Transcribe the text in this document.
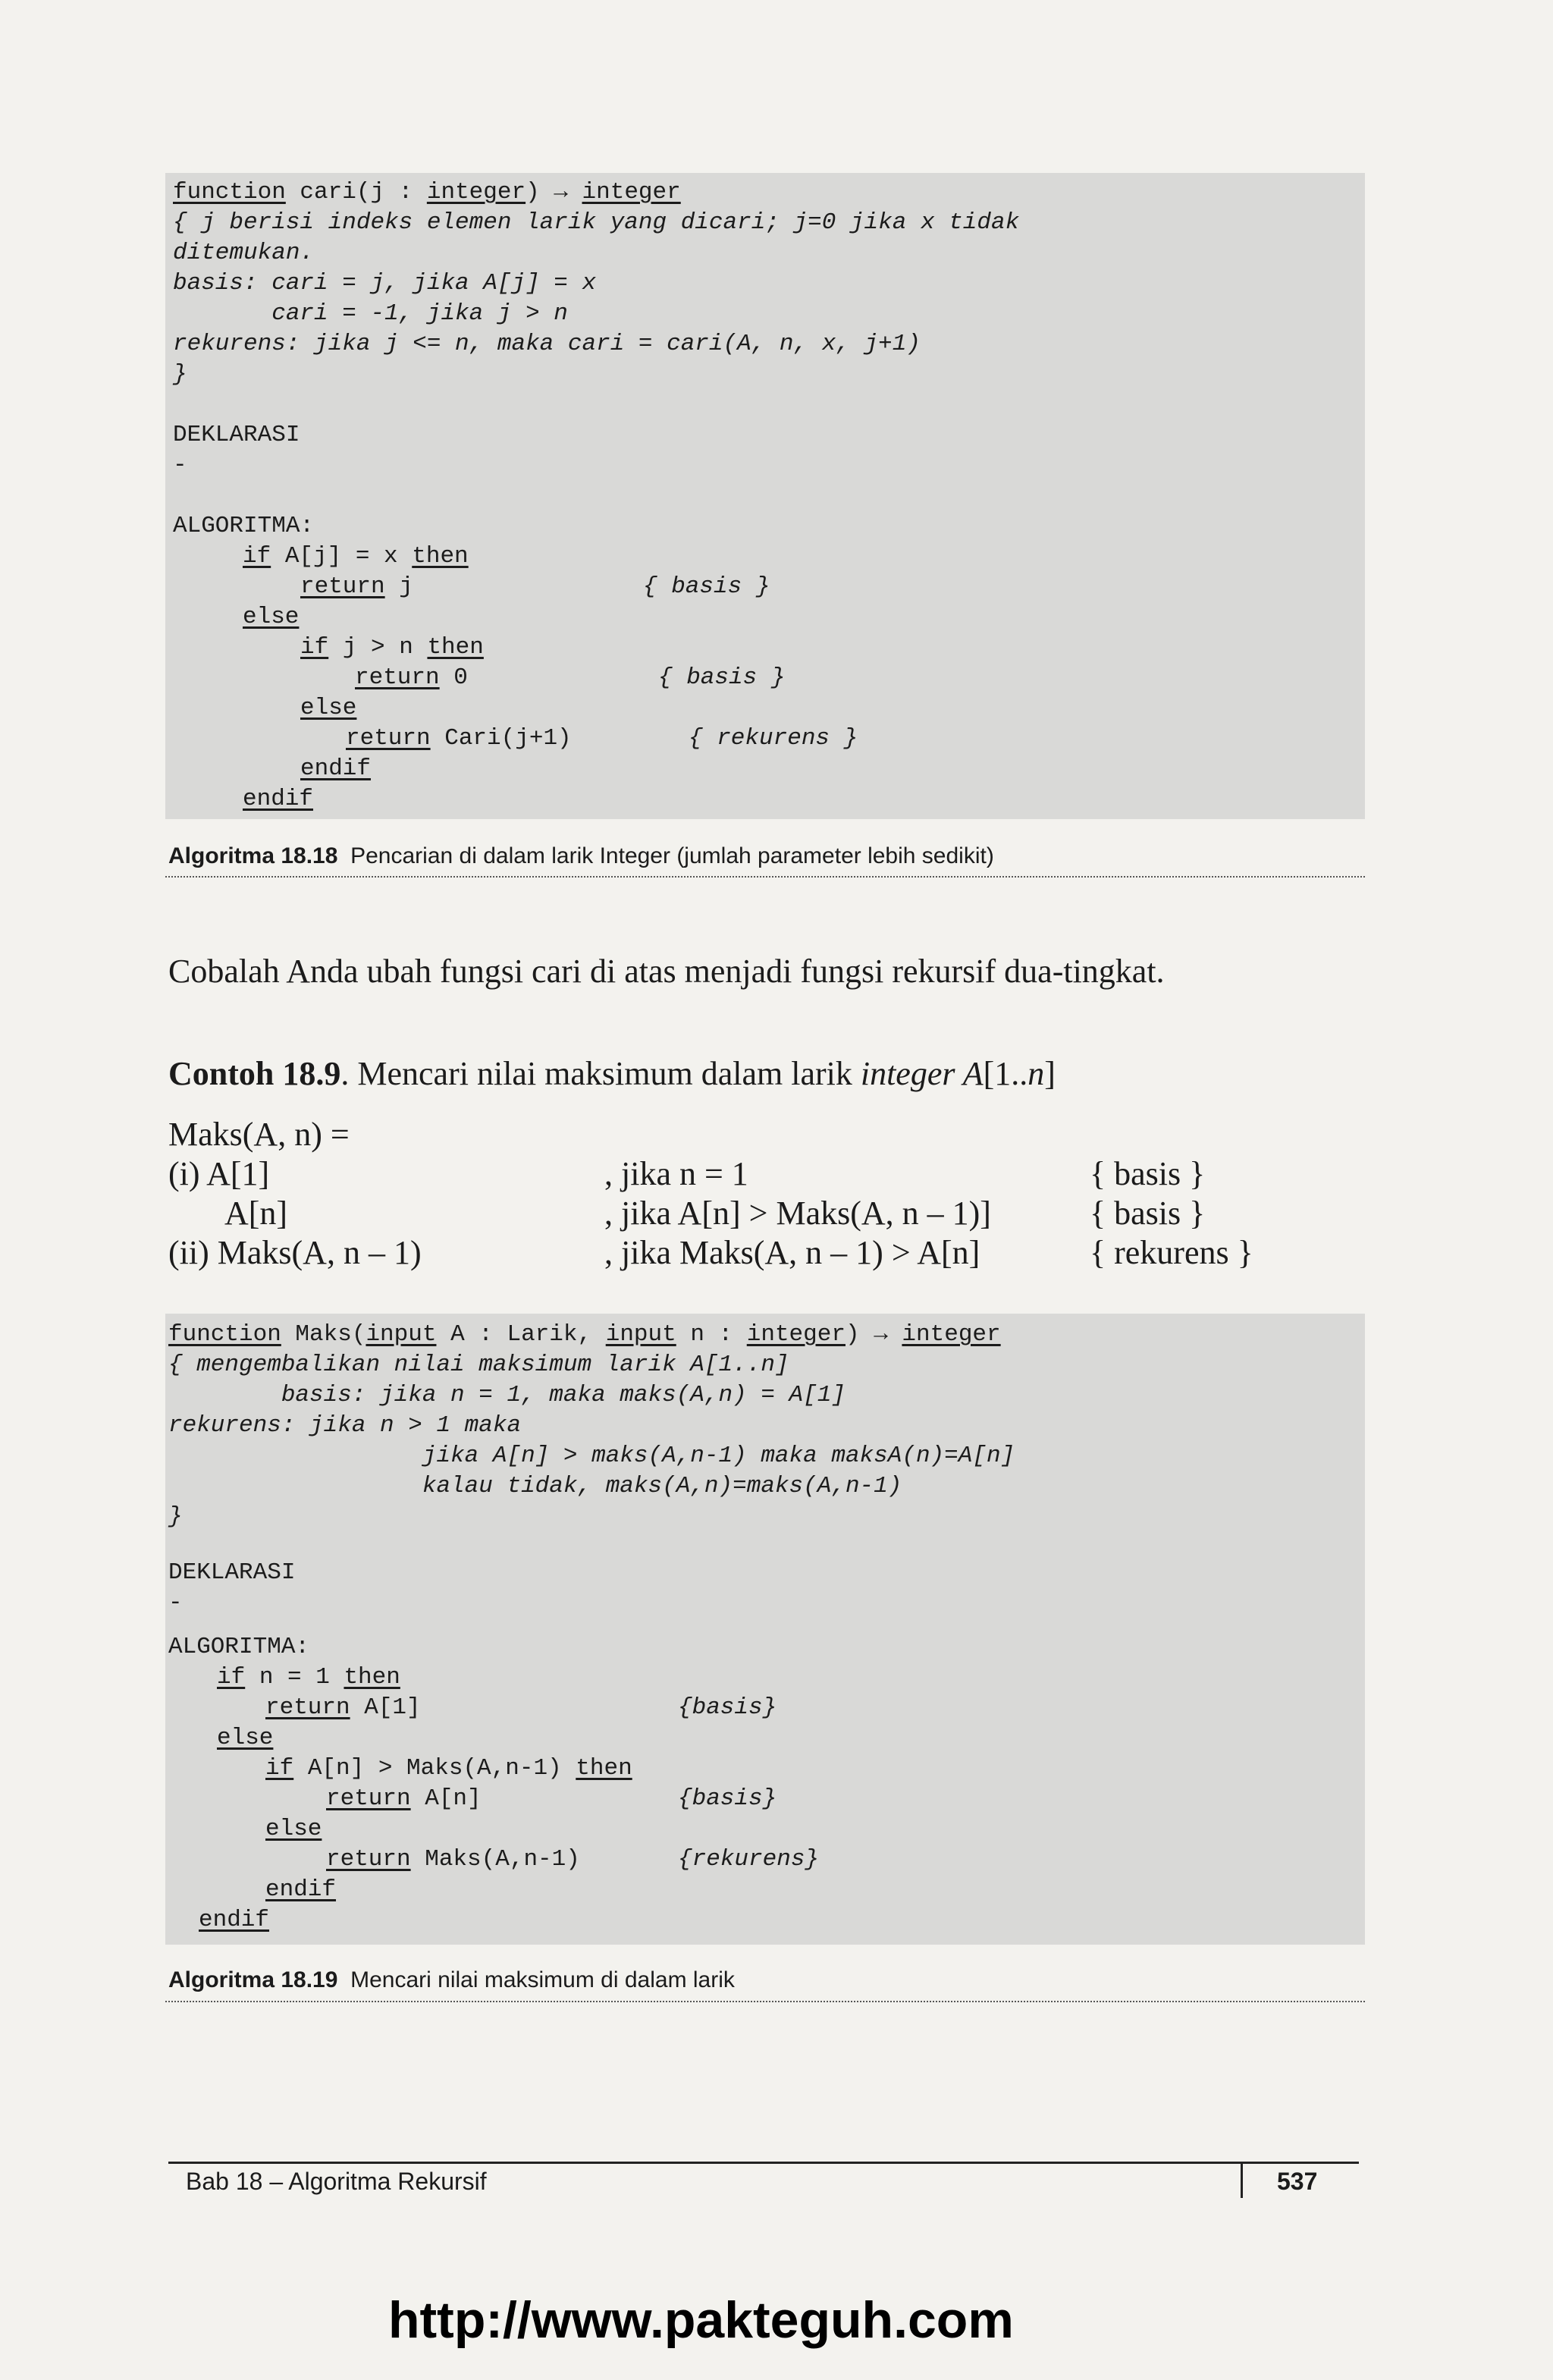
function cari(j : integer) → integer

{ j berisi indeks elemen larik yang dicari; j=0 jika x tidak

ditemukan.

basis: cari = j, jika A[j] = x

cari = -1, jika j > n

rekurens: jika j <= n, maka cari = cari(A, n, x, j+1)

}

DEKLARASI

-

ALGORITMA:

if A[j] = x then

return j

	{ basis }

else

if j > n then

return 0

	{ basis }

else

return Cari(j+1)

	{ rekurens }

endif

endif

Algoritma 18.18 Pencarian di dalam larik Integer (jumlah parameter lebih sedikit)
Cobalah Anda ubah fungsi cari di atas menjadi fungsi rekursif dua-tingkat.
Contoh 18.9. Mencari nilai maksimum dalam larik integer A[1..n]
Maks(A, n) =
(i) A[1]	, jika n = 1	{ basis }
A[n]	, jika A[n] > Maks(A, n – 1)]	{ basis }
(ii) Maks(A, n – 1)	, jika Maks(A, n – 1) > A[n]	{ rekurens }

function Maks(input A : Larik, input n : integer) → integer

{ mengembalikan nilai maksimum larik A[1..n]

basis: jika n = 1, maka maks(A,n) = A[1]

rekurens: jika n > 1 maka

jika A[n] > maks(A,n-1) maka maksA(n)=A[n]

kalau tidak, maks(A,n)=maks(A,n-1)

}

DEKLARASI

-

ALGORITMA:

if n = 1 then

return A[1]

	{basis}

else

if A[n] > Maks(A,n-1) then

return A[n]

	{basis}

else

return Maks(A,n-1)

	{rekurens}

endif

endif

Algoritma 18.19 Mencari nilai maksimum di dalam larik
Bab 18 – Algoritma Rekursif	537
http://www.pakteguh.com
